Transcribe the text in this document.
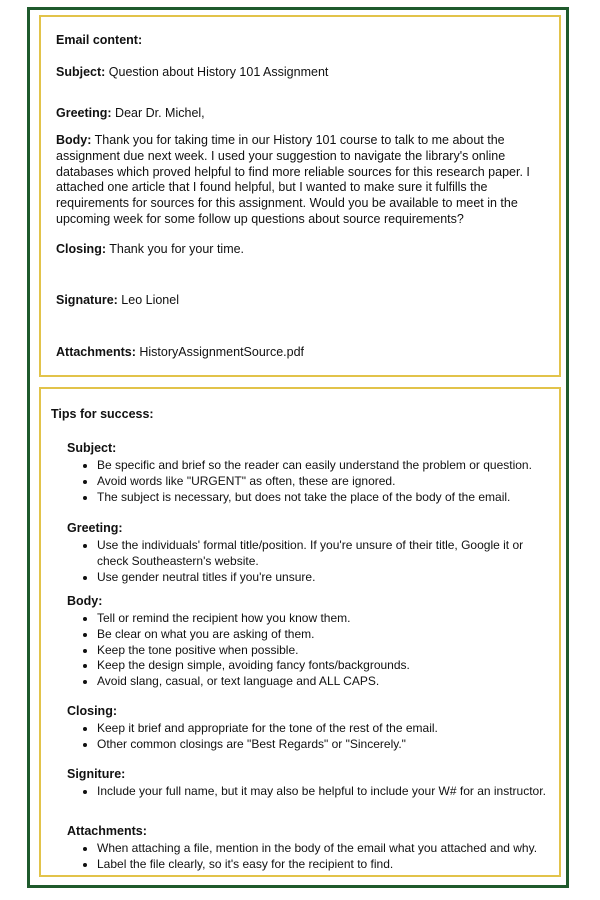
Email content:
Subject: Question about History 101 Assignment
Greeting: Dear Dr. Michel,
Body: Thank you for taking time in our History 101 course to talk to me about the assignment due next week. I used your suggestion to navigate the library's online databases which proved helpful to find more reliable sources for this research paper. I attached one article that I found helpful, but I wanted to make sure it fulfills the requirements for sources for this assignment. Would you be available to meet in the upcoming week for some follow up questions about source requirements?
Closing: Thank you for your time.
Signature: Leo Lionel
Attachments: HistoryAssignmentSource.pdf
Tips for success:
Subject:
• Be specific and brief so the reader can easily understand the problem or question.
• Avoid words like "URGENT" as often, these are ignored.
• The subject is necessary, but does not take the place of the body of the email.
Greeting:
• Use the individuals' formal title/position. If you're unsure of their title, Google it or check Southeastern's website.
• Use gender neutral titles if you're unsure.
Body:
• Tell or remind the recipient how you know them.
• Be clear on what you are asking of them.
• Keep the tone positive when possible.
• Keep the design simple, avoiding fancy fonts/backgrounds.
• Avoid slang, casual, or text language and ALL CAPS.
Closing:
• Keep it brief and appropriate for the tone of the rest of the email.
• Other common closings are "Best Regards" or "Sincerely."
Signiture:
• Include your full name, but it may also be helpful to include your W# for an instructor.
Attachments:
• When attaching a file, mention in the body of the email what you attached and why.
• Label the file clearly, so it's easy for the recipient to find.
